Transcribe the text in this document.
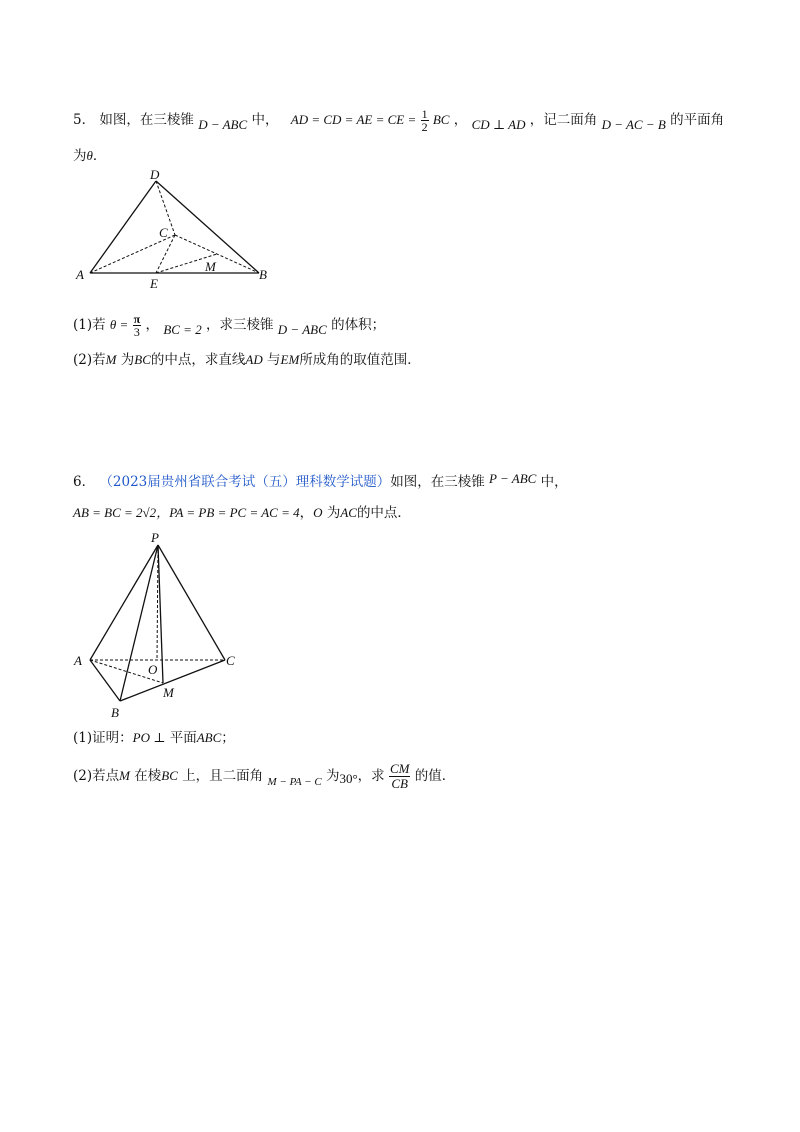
5． 如图，在三棱锥 D − ABC 中， AD = CD = AE = CE = $\frac{1}{2}$ BC ， CD ⊥ AD ，记二面角 D − AC − B 的平面角
为θ．
D
C
A
E
M
B
(1)若 $\theta = \frac{\pi}{3}$ ， BC = 2 ，求三棱锥 D − ABC 的体积；
(2)若M 为BC的中点，求直线AD 与EM所成角的取值范围．
6． （2023届贵州省联合考试（五）理科数学试题）如图，在三棱锥 P − ABC 中，
AB = BC = 2√2，PA = PB = PC = AC = 4，O 为AC的中点．
P
A	C
O
M
B
(1)证明：PO ⊥ 平面ABC；
(2)若点M 在棱BC 上，且二面角 $_{M - PA - C}$ 为30°，求 $\frac{CM}{CB}$ 的值．
